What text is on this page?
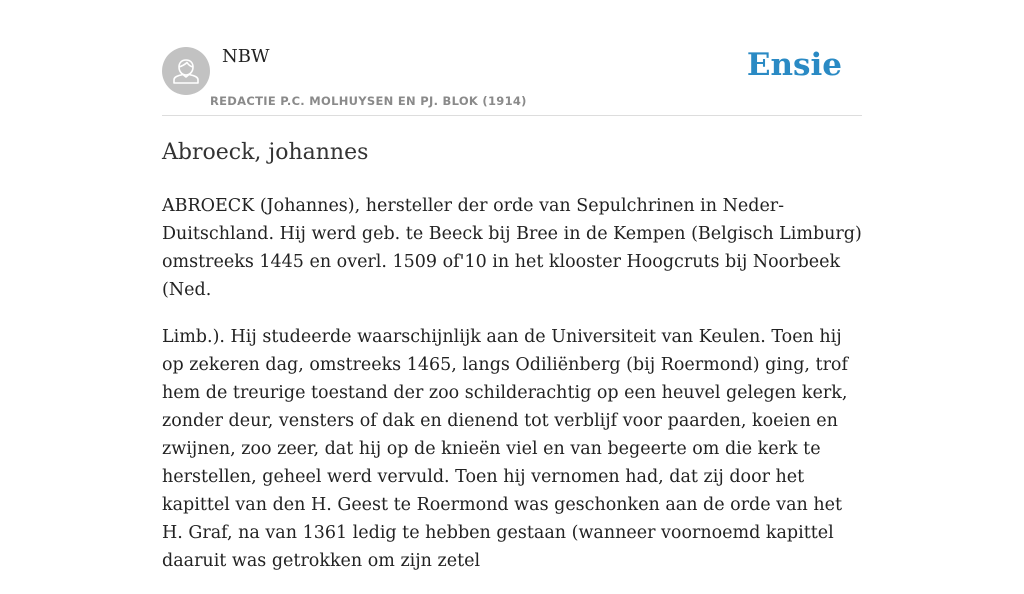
NBW
REDACTIE P.C. MOLHUYSEN EN PJ. BLOK (1914)
Ensie
Abroeck, johannes

ABROECK (Johannes), hersteller der orde van Sepulchrinen in Neder-Duitschland. Hij werd geb. te Beeck bij Bree in de Kempen (Belgisch Limburg) omstreeks 1445 en overl. 1509 of'10 in het klooster Hoogcruts bij Noorbeek (Ned.

Limb.). Hij studeerde waarschijnlijk aan de Universiteit van Keulen. Toen hij op zekeren dag, omstreeks 1465, langs Odiliënberg (bij Roermond) ging, trof hem de treurige toestand der zoo schilderachtig op een heuvel gelegen kerk, zonder deur, vensters of dak en dienend tot verblijf voor paarden, koeien en zwijnen, zoo zeer, dat hij op de knieën viel en van begeerte om die kerk te herstellen, geheel werd vervuld. Toen hij vernomen had, dat zij door het kapittel van den H. Geest te Roermond was geschonken aan de orde van het H. Graf, na van 1361 ledig te hebben gestaan (wanneer voornoemd kapittel daaruit was getrokken om zijn zetel
